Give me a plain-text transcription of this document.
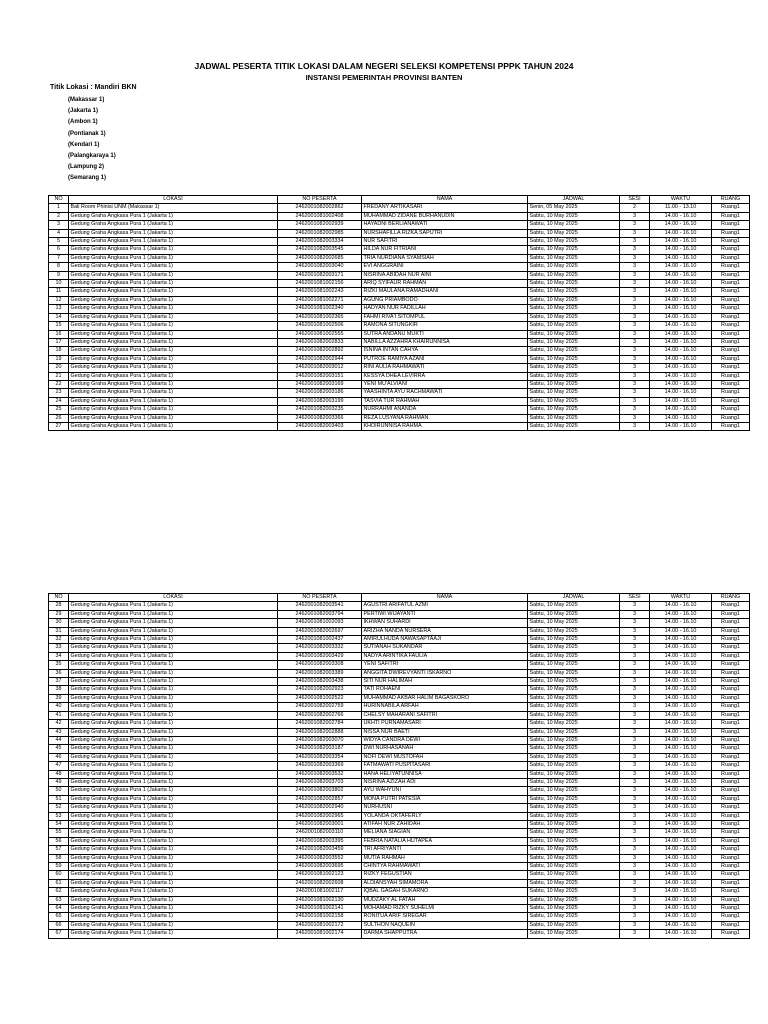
JADWAL PESERTA TITIK LOKASI DALAM NEGERI SELEKSI KOMPETENSI PPPK TAHUN 2024
INSTANSI PEMERINTAH PROVINSI BANTEN
Titik Lokasi : Mandiri BKN
(Makassar 1)
(Jakarta 1)
(Ambon 1)
(Pontianak 1)
(Kendari 1)
(Palangkaraya 1)
(Lampung 2)
(Semarang 1)
NO	LOKASI	NO PESERTA	NAMA	JADWAL	SESI	WAKTU	RUANG
1	Bali Room Phinisi UNM (Makassar 1)	2462001082002862	FREDANY ARTIKASARI	Senin, 05 May 2025	2	11.00 - 13.10	Ruang1
2	Gedung Graha Angkasa Pura 1 (Jakarta 1)	2462001081002408	MUHAMMAD ZIDANE BURHANUDIN	Sabtu, 10 May 2025	3	14.00 - 16.10	Ruang1
3	Gedung Graha Angkasa Pura 1 (Jakarta 1)	2462001082002939	HAYADNI BERLIANAWATI	Sabtu, 10 May 2025	3	14.00 - 16.10	Ruang1
4	Gedung Graha Angkasa Pura 1 (Jakarta 1)	2462001082002985	NURSHAFILLA RIZKA SAPUTRI	Sabtu, 10 May 2025	3	14.00 - 16.10	Ruang1
5	Gedung Graha Angkasa Pura 1 (Jakarta 1)	2462001082003334	NUR SAFITRI	Sabtu, 10 May 2025	3	14.00 - 16.10	Ruang1
6	Gedung Graha Angkasa Pura 1 (Jakarta 1)	2462001082003545	HILDA NUR FITRIANI	Sabtu, 10 May 2025	3	14.00 - 16.10	Ruang1
7	Gedung Graha Angkasa Pura 1 (Jakarta 1)	2462001082002685	TRIA NURDIANA SYAMSIAH	Sabtu, 10 May 2025	3	14.00 - 16.10	Ruang1
8	Gedung Graha Angkasa Pura 1 (Jakarta 1)	2462001082003040	EVI ANGGRAINI	Sabtu, 10 May 2025	3	14.00 - 16.10	Ruang1
9	Gedung Graha Angkasa Pura 1 (Jakarta 1)	2462001082003171	NISRINA ABIDAH NUR AINI	Sabtu, 10 May 2025	3	14.00 - 16.10	Ruang1
10	Gedung Graha Angkasa Pura 1 (Jakarta 1)	2462001081002156	ARIQ SYIFAUR RAHMAN	Sabtu, 10 May 2025	3	14.00 - 16.10	Ruang1
11	Gedung Graha Angkasa Pura 1 (Jakarta 1)	2462001081002243	RIZKI MAULANA RAMADHANI	Sabtu, 10 May 2025	3	14.00 - 16.10	Ruang1
12	Gedung Graha Angkasa Pura 1 (Jakarta 1)	2462001081002271	AGUNG PRIAMBODO	Sabtu, 10 May 2025	3	14.00 - 16.10	Ruang1
13	Gedung Graha Angkasa Pura 1 (Jakarta 1)	2462001081002340	HADYAN NUR FADILLAH	Sabtu, 10 May 2025	3	14.00 - 16.10	Ruang1
14	Gedung Graha Angkasa Pura 1 (Jakarta 1)	2462001081002365	FAHMI RIVA'I SITOMPUL	Sabtu, 10 May 2025	3	14.00 - 16.10	Ruang1
15	Gedung Graha Angkasa Pura 1 (Jakarta 1)	2462001081002506	RAMONA SITUNGKIR	Sabtu, 10 May 2025	3	14.00 - 16.10	Ruang1
16	Gedung Graha Angkasa Pura 1 (Jakarta 1)	2462001081002555	SUTRA ANDANU MUKTI	Sabtu, 10 May 2025	3	14.00 - 16.10	Ruang1
17	Gedung Graha Angkasa Pura 1 (Jakarta 1)	2462001082002833	NABILLA AZZAHRA KHAIRUNNISA	Sabtu, 10 May 2025	3	14.00 - 16.10	Ruang1
18	Gedung Graha Angkasa Pura 1 (Jakarta 1)	2462001082002892	ISNINA INTAN CAHYA	Sabtu, 10 May 2025	3	14.00 - 16.10	Ruang1
19	Gedung Graha Angkasa Pura 1 (Jakarta 1)	2462001082002944	PUTROE RAMIYA AZANI	Sabtu, 10 May 2025	3	14.00 - 16.10	Ruang1
20	Gedung Graha Angkasa Pura 1 (Jakarta 1)	2462001082003012	RINI AULIA RAHMAWATI	Sabtu, 10 May 2025	3	14.00 - 16.10	Ruang1
21	Gedung Graha Angkasa Pura 1 (Jakarta 1)	2462001082003151	KESSYA DHEA LEVIRRA	Sabtu, 10 May 2025	3	14.00 - 16.10	Ruang1
22	Gedung Graha Angkasa Pura 1 (Jakarta 1)	2462001082003169	YENI MU'ALVIANI	Sabtu, 10 May 2025	3	14.00 - 16.10	Ruang1
23	Gedung Graha Angkasa Pura 1 (Jakarta 1)	2462001082003186	YAASHINTA AYU RACHMAWATI	Sabtu, 10 May 2025	3	14.00 - 16.10	Ruang1
24	Gedung Graha Angkasa Pura 1 (Jakarta 1)	2462001082003199	TASVIA TUR RAHMAH	Sabtu, 10 May 2025	3	14.00 - 16.10	Ruang1
25	Gedung Graha Angkasa Pura 1 (Jakarta 1)	2462001082003235	NURRAHMI ANANDA	Sabtu, 10 May 2025	3	14.00 - 16.10	Ruang1
26	Gedung Graha Angkasa Pura 1 (Jakarta 1)	2462001082003366	REZA LUSYANA RAHMAN	Sabtu, 10 May 2025	3	14.00 - 16.10	Ruang1
27	Gedung Graha Angkasa Pura 1 (Jakarta 1)	2462001082003403	KHOIRUNNISA RAHMA	Sabtu, 10 May 2025	3	14.00 - 16.10	Ruang1
NO	LOKASI	NO PESERTA	NAMA	JADWAL	SESI	WAKTU	RUANG
28	Gedung Graha Angkasa Pura 1 (Jakarta 1)	2462001082003541	AGUSTRI ARIFATUL AZMI	Sabtu, 10 May 2025	3	14.00 - 16.10	Ruang1
29	Gedung Graha Angkasa Pura 1 (Jakarta 1)	2462001082003794	PERTIWI WIJAYANTI	Sabtu, 10 May 2025	3	14.00 - 16.10	Ruang1
30	Gedung Graha Angkasa Pura 1 (Jakarta 1)	2462001081002093	IKHWAN SUHARDI	Sabtu, 10 May 2025	3	14.00 - 16.10	Ruang1
31	Gedung Graha Angkasa Pura 1 (Jakarta 1)	2462001082002697	ARIZHA NANDA NURSERA	Sabtu, 10 May 2025	3	14.00 - 16.10	Ruang1
32	Gedung Graha Angkasa Pura 1 (Jakarta 1)	2462001081002437	AMIRULHUDA NAWASAPTAAJI	Sabtu, 10 May 2025	3	14.00 - 16.10	Ruang1
33	Gedung Graha Angkasa Pura 1 (Jakarta 1)	2462001082003332	SUTIANAH SUKANDAR	Sabtu, 10 May 2025	3	14.00 - 16.10	Ruang1
34	Gedung Graha Angkasa Pura 1 (Jakarta 1)	2462001082003429	NADYA ARINTIKA FAULIA	Sabtu, 10 May 2025	3	14.00 - 16.10	Ruang1
35	Gedung Graha Angkasa Pura 1 (Jakarta 1)	2462001082003308	YENI SAFITRI	Sabtu, 10 May 2025	3	14.00 - 16.10	Ruang1
36	Gedung Graha Angkasa Pura 1 (Jakarta 1)	2462001082003389	ANGGITA DWIREVYANTI ISKARNO	Sabtu, 10 May 2025	3	14.00 - 16.10	Ruang1
37	Gedung Graha Angkasa Pura 1 (Jakarta 1)	2462001082003438	SITI NUR HALIMAH	Sabtu, 10 May 2025	3	14.00 - 16.10	Ruang1
38	Gedung Graha Angkasa Pura 1 (Jakarta 1)	2462001082002923	TATI ROHAENI	Sabtu, 10 May 2025	3	14.00 - 16.10	Ruang1
39	Gedung Graha Angkasa Pura 1 (Jakarta 1)	2462001081002522	MUHAMMAD AKBAR HALIM BAGASKORO	Sabtu, 10 May 2025	3	14.00 - 16.10	Ruang1
40	Gedung Graha Angkasa Pura 1 (Jakarta 1)	2462001082002759	HURINNABILA ARFAH	Sabtu, 10 May 2025	3	14.00 - 16.10	Ruang1
41	Gedung Graha Angkasa Pura 1 (Jakarta 1)	2462001082002766	CHELSY MAHARANI SAFITRI	Sabtu, 10 May 2025	3	14.00 - 16.10	Ruang1
42	Gedung Graha Angkasa Pura 1 (Jakarta 1)	2462001082002784	UKHTI PURNAMASARI	Sabtu, 10 May 2025	3	14.00 - 16.10	Ruang1
43	Gedung Graha Angkasa Pura 1 (Jakarta 1)	2462001082002888	NISSA NUR BAETI	Sabtu, 10 May 2025	3	14.00 - 16.10	Ruang1
44	Gedung Graha Angkasa Pura 1 (Jakarta 1)	2462001082003070	WIDYA CANDRA DEWI	Sabtu, 10 May 2025	3	14.00 - 16.10	Ruang1
45	Gedung Graha Angkasa Pura 1 (Jakarta 1)	2462001082003187	DWI NURHASANAH	Sabtu, 10 May 2025	3	14.00 - 16.10	Ruang1
46	Gedung Graha Angkasa Pura 1 (Jakarta 1)	2462001082003354	NOFI DEWI MUSTOFAH	Sabtu, 10 May 2025	3	14.00 - 16.10	Ruang1
47	Gedung Graha Angkasa Pura 1 (Jakarta 1)	2462001082003369	FATMAWATI PUSPITASARI	Sabtu, 10 May 2025	3	14.00 - 16.10	Ruang1
48	Gedung Graha Angkasa Pura 1 (Jakarta 1)	2462001082003532	HANA HELIYATUNNISA	Sabtu, 10 May 2025	3	14.00 - 16.10	Ruang1
49	Gedung Graha Angkasa Pura 1 (Jakarta 1)	2462001082003703	NISRINA AZIZAH ADI	Sabtu, 10 May 2025	3	14.00 - 16.10	Ruang1
50	Gedung Graha Angkasa Pura 1 (Jakarta 1)	2462001082003802	AYU WAHYUNI	Sabtu, 10 May 2025	3	14.00 - 16.10	Ruang1
51	Gedung Graha Angkasa Pura 1 (Jakarta 1)	2462001082002857	MONA PUTRI PATESIA	Sabtu, 10 May 2025	3	14.00 - 16.10	Ruang1
52	Gedung Graha Angkasa Pura 1 (Jakarta 1)	2462001082002940	NURHUSNI	Sabtu, 10 May 2025	3	14.00 - 16.10	Ruang1
53	Gedung Graha Angkasa Pura 1 (Jakarta 1)	2462001082002965	YOLANDA OKTAFERLY	Sabtu, 10 May 2025	3	14.00 - 16.10	Ruang1
54	Gedung Graha Angkasa Pura 1 (Jakarta 1)	2462001082003001	ATIFAH NUR ZAHIDAH	Sabtu, 10 May 2025	3	14.00 - 16.10	Ruang1
55	Gedung Graha Angkasa Pura 1 (Jakarta 1)	2462001082003110	MELIANA SIAGIAN	Sabtu, 10 May 2025	3	14.00 - 16.10	Ruang1
56	Gedung Graha Angkasa Pura 1 (Jakarta 1)	2462001082003395	FEBRIA NATALIA HUTAPEA	Sabtu, 10 May 2025	3	14.00 - 16.10	Ruang1
57	Gedung Graha Angkasa Pura 1 (Jakarta 1)	2462001082003459	TRI AFRIYANTI	Sabtu, 10 May 2025	3	14.00 - 16.10	Ruang1
58	Gedung Graha Angkasa Pura 1 (Jakarta 1)	2462001082003552	MUTIA RAHMAH	Sabtu, 10 May 2025	3	14.00 - 16.10	Ruang1
59	Gedung Graha Angkasa Pura 1 (Jakarta 1)	2462001082003695	CHINTYA RAHMAWATI	Sabtu, 10 May 2025	3	14.00 - 16.10	Ruang1
60	Gedung Graha Angkasa Pura 1 (Jakarta 1)	2462001081002123	RIZKY FEGUSTIAN	Sabtu, 10 May 2025	3	14.00 - 16.10	Ruang1
61	Gedung Graha Angkasa Pura 1 (Jakarta 1)	2462001082002608	ALDIANSYAH SIMAMORA	Sabtu, 10 May 2025	3	14.00 - 16.10	Ruang1
62	Gedung Graha Angkasa Pura 1 (Jakarta 1)	2462001081002117	IQBAL GAGAH SUKARNO	Sabtu, 10 May 2025	3	14.00 - 16.10	Ruang1
63	Gedung Graha Angkasa Pura 1 (Jakarta 1)	2462001081002130	MUDZAKY AL FATAH	Sabtu, 10 May 2025	3	14.00 - 16.10	Ruang1
64	Gedung Graha Angkasa Pura 1 (Jakarta 1)	2462001081002141	MOHAMAD RIZKY SUHELMI	Sabtu, 10 May 2025	3	14.00 - 16.10	Ruang1
65	Gedung Graha Angkasa Pura 1 (Jakarta 1)	2462001081002158	RONITUA ARIF SIREGAR	Sabtu, 10 May 2025	3	14.00 - 16.10	Ruang1
66	Gedung Graha Angkasa Pura 1 (Jakarta 1)	2462001081002172	SULTHON NAQUEIN	Sabtu, 10 May 2025	3	14.00 - 16.10	Ruang1
67	Gedung Graha Angkasa Pura 1 (Jakarta 1)	2462001081002174	DARMA SHAPPUTRA	Sabtu, 10 May 2025	3	14.00 - 16.10	Ruang1
